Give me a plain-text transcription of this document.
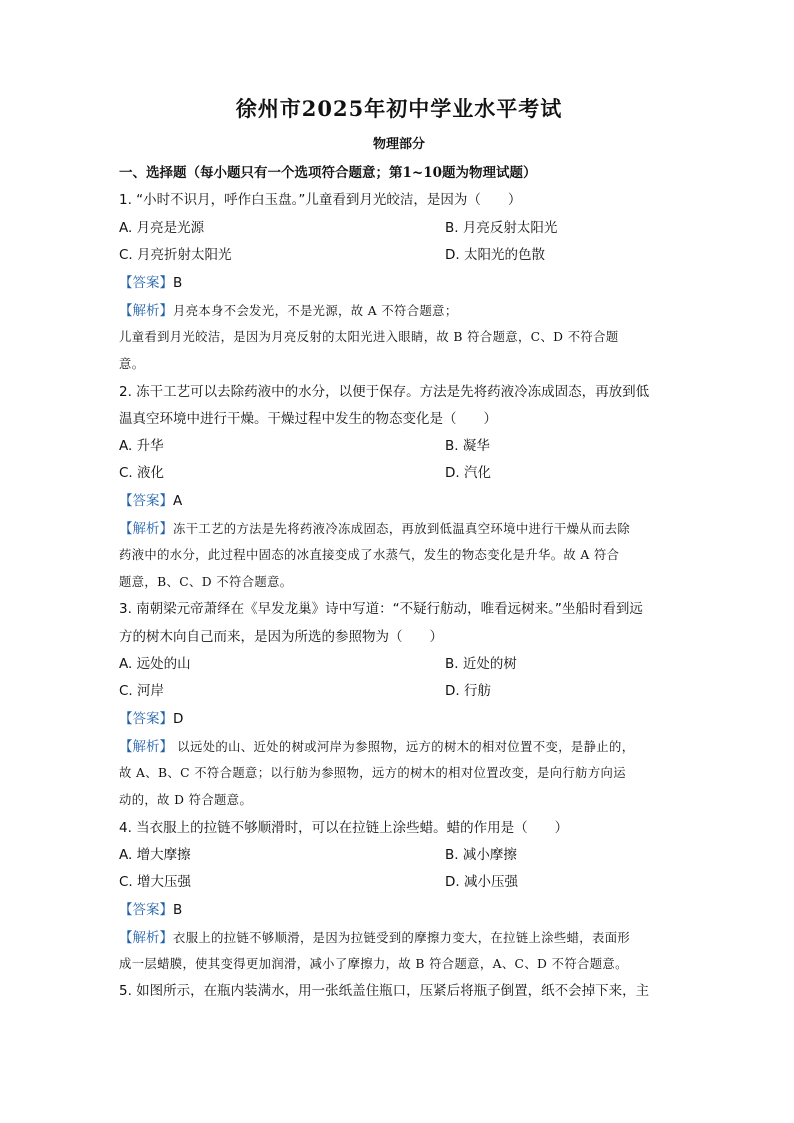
徐州市2025年初中学业水平考试
物理部分
一、选择题（每小题只有一个选项符合题意；第1~10题为物理试题）
1. “小时不识月，呼作白玉盘。”儿童看到月光皎洁，是因为（　　）
A. 月亮是光源	B. 月亮反射太阳光
C. 月亮折射太阳光	D. 太阳光的色散
【答案】B
【解析】月亮本身不会发光，不是光源，故 A 不符合题意；
儿童看到月光皎洁，是因为月亮反射的太阳光进入眼睛，故 B 符合题意，C、D 不符合题
意。
2. 冻干工艺可以去除药液中的水分，以便于保存。方法是先将药液冷冻成固态，再放到低
温真空环境中进行干燥。干燥过程中发生的物态变化是（　　）
A. 升华	B. 凝华
C. 液化	D. 汽化
【答案】A
【解析】冻干工艺的方法是先将药液冷冻成固态，再放到低温真空环境中进行干燥从而去除
药液中的水分，此过程中固态的冰直接变成了水蒸气，发生的物态变化是升华。故 A 符合
题意，B、C、D 不符合题意。
3. 南朝梁元帝萧绎在《早发龙巢》诗中写道：“不疑行舫动，唯看远树来。”坐船时看到远
方的树木向自己而来，是因为所选的参照物为（　　）
A. 远处的山	B. 近处的树
C. 河岸	D. 行舫
【答案】D
【解析】 以远处的山、近处的树或河岸为参照物，远方的树木的相对位置不变，是静止的，
故 A、B、C 不符合题意；以行舫为参照物，远方的树木的相对位置改变，是向行舫方向运
动的，故 D 符合题意。
4. 当衣服上的拉链不够顺滑时，可以在拉链上涂些蜡。蜡的作用是（　　）
A. 增大摩擦	B. 减小摩擦
C. 增大压强	D. 减小压强
【答案】B
【解析】衣服上的拉链不够顺滑，是因为拉链受到的摩擦力变大，在拉链上涂些蜡，表面形
成一层蜡膜，使其变得更加润滑，减小了摩擦力，故 B 符合题意，A、C、D 不符合题意。
5. 如图所示，在瓶内装满水，用一张纸盖住瓶口，压紧后将瓶子倒置，纸不会掉下来，主
